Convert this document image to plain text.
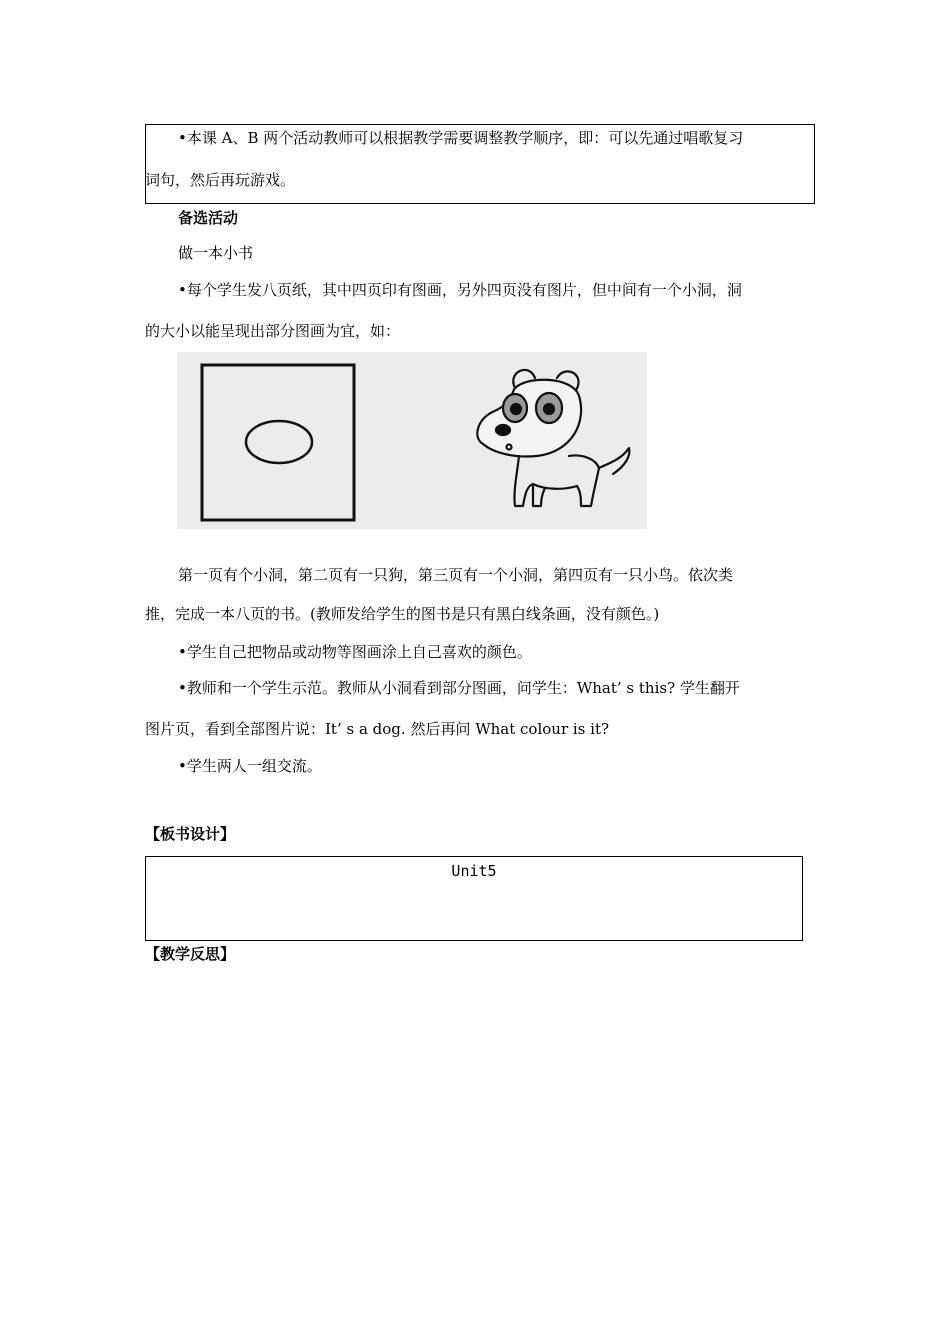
•本课 A、B 两个活动教师可以根据教学需要调整教学顺序，即：可以先通过唱歌复习
词句，然后再玩游戏。
备选活动
做一本小书
•每个学生发八页纸，其中四页印有图画，另外四页没有图片，但中间有一个小洞，洞
的大小以能呈现出部分图画为宜，如：
第一页有个小洞，第二页有一只狗，第三页有一个小洞，第四页有一只小鸟。依次类
推，完成一本八页的书。(教师发给学生的图书是只有黑白线条画，没有颜色。)
•学生自己把物品或动物等图画涂上自己喜欢的颜色。
•教师和一个学生示范。教师从小洞看到部分图画，问学生：What’ s this? 学生翻开
图片页，看到全部图片说：It’ s a dog. 然后再问 What colour is it?
•学生两人一组交流。
【板书设计】
Unit5
【教学反思】
